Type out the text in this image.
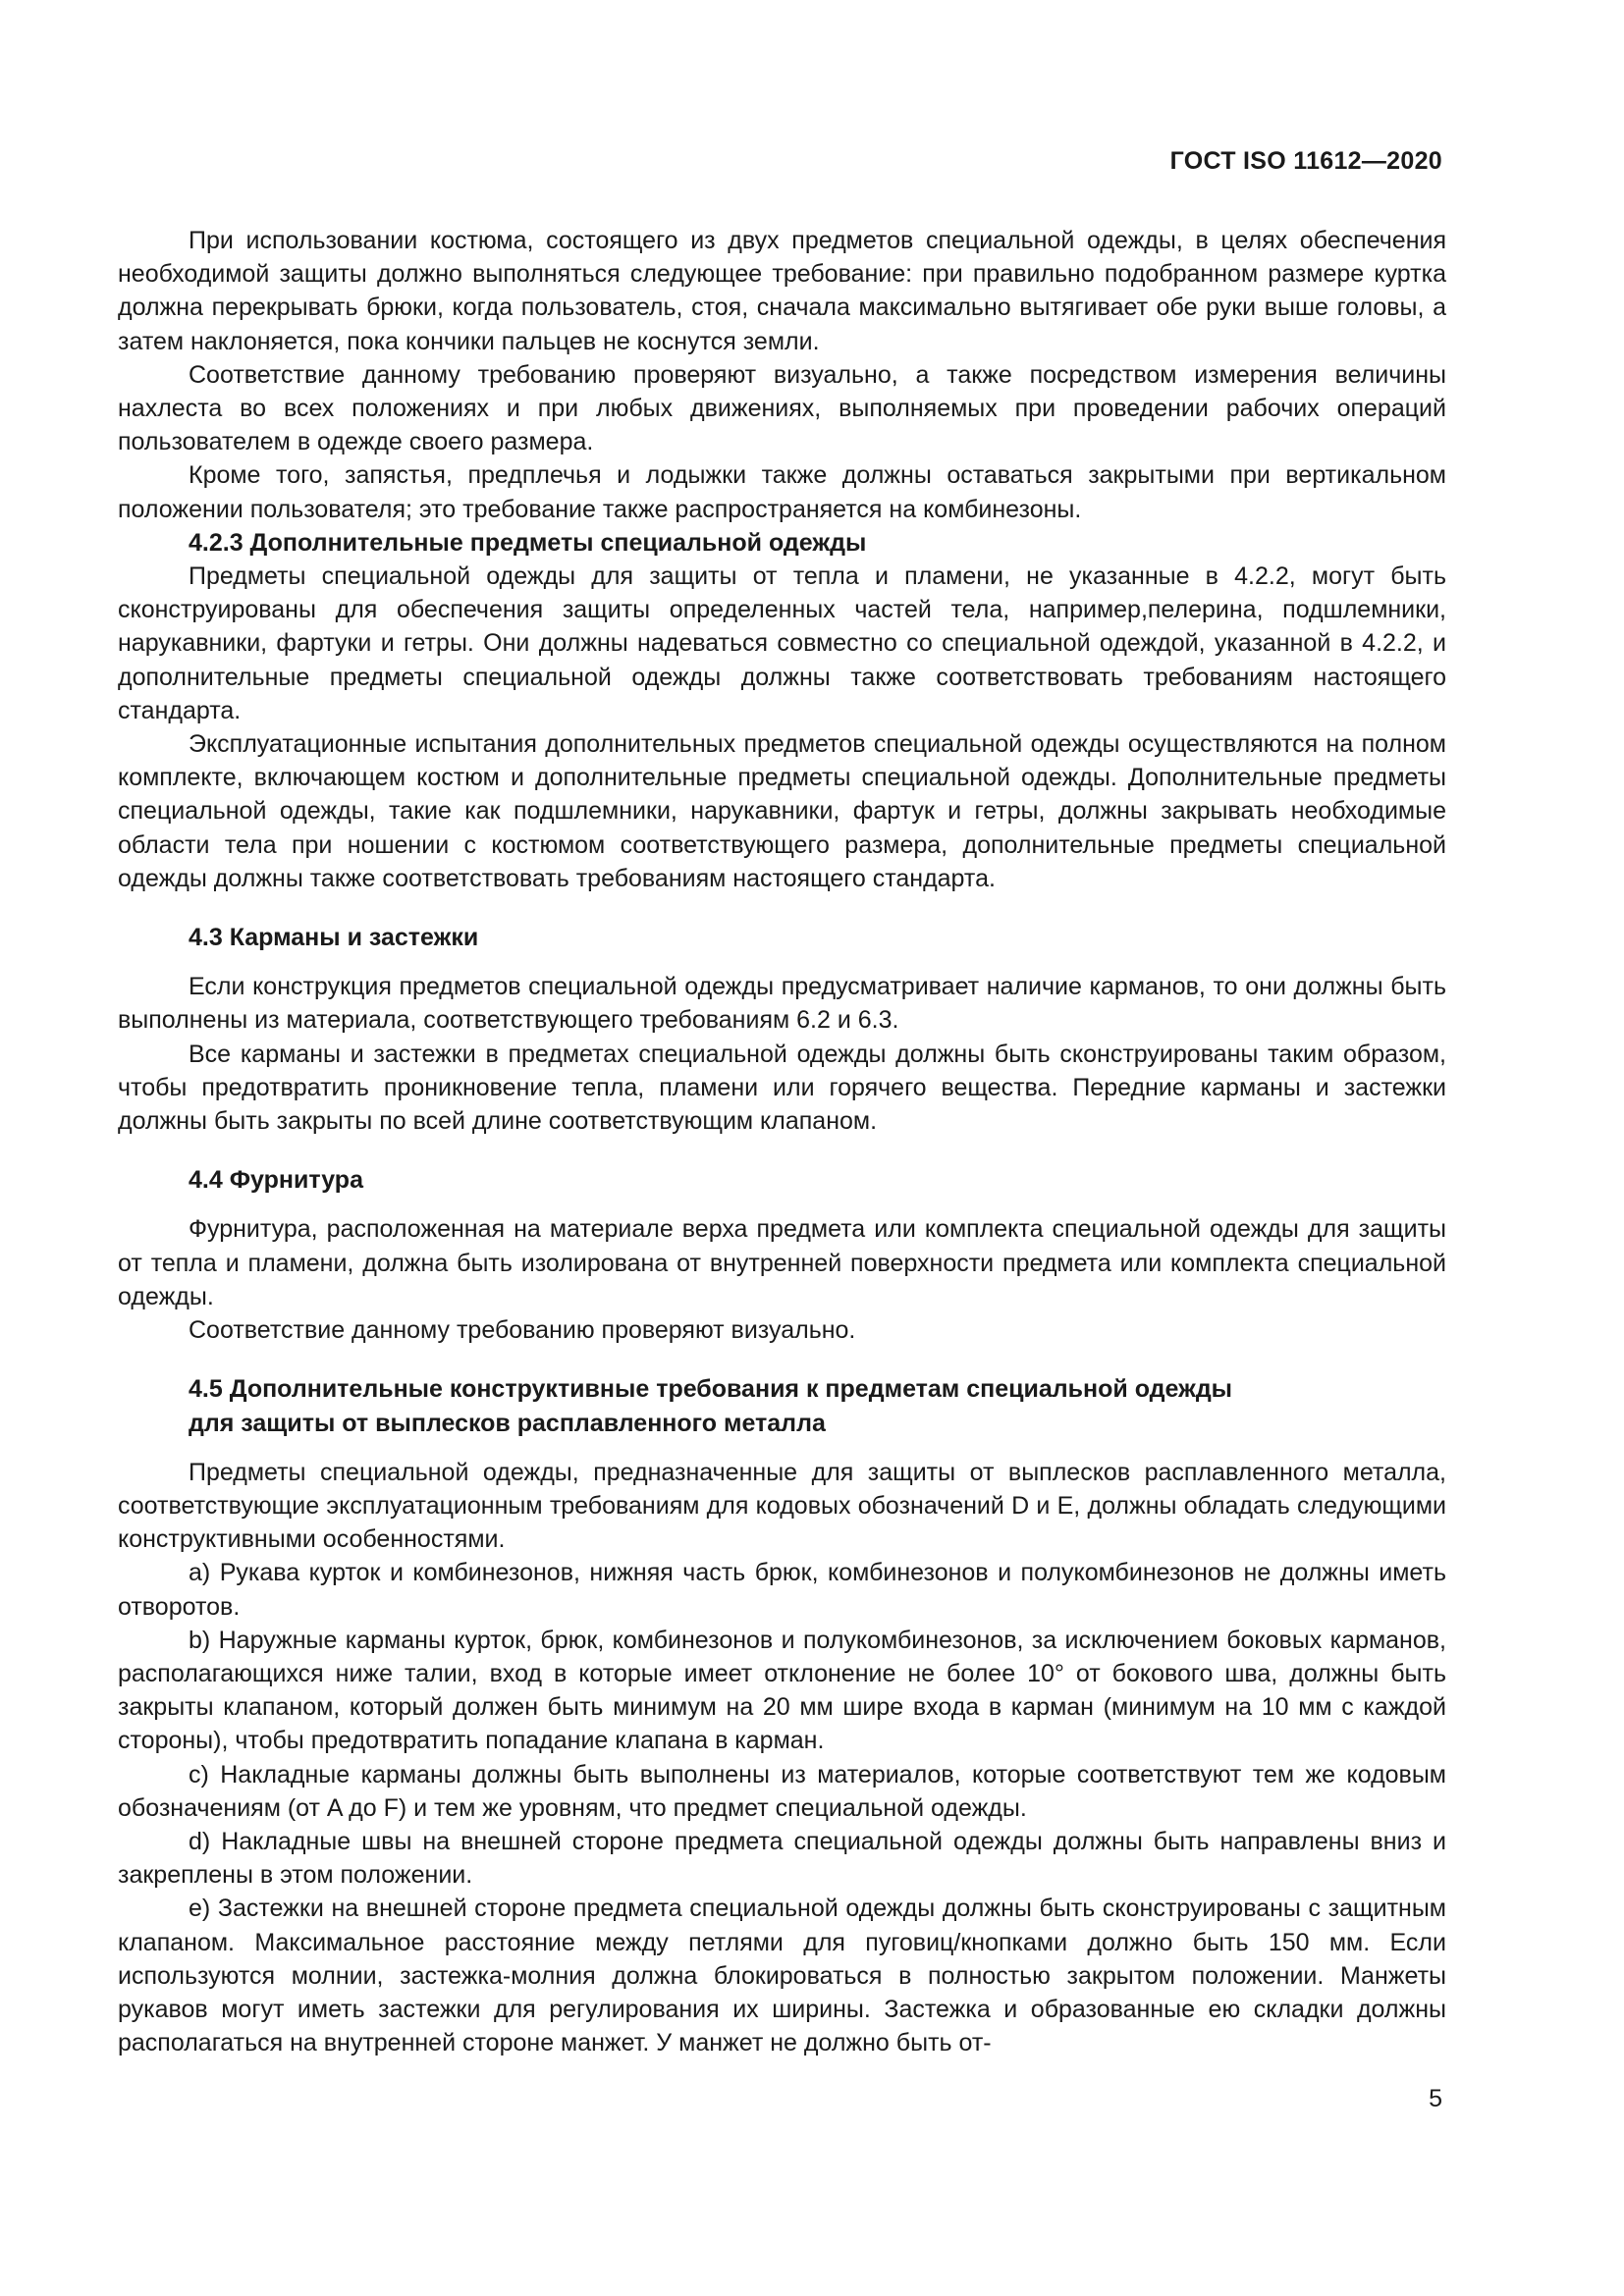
ГОСТ ISO 11612—2020

При использовании костюма, состоящего из двух предметов специальной одежды, в целях обеспечения необходимой защиты должно выполняться следующее требование: при правильно подобранном размере куртка должна перекрывать брюки, когда пользователь, стоя, сначала максимально вытягивает обе руки выше головы, а затем наклоняется, пока кончики пальцев не коснутся земли.

Соответствие данному требованию проверяют визуально, а также посредством измерения величины нахлеста во всех положениях и при любых движениях, выполняемых при проведении рабочих операций пользователем в одежде своего размера.

Кроме того, запястья, предплечья и лодыжки также должны оставаться закрытыми при вертикальном положении пользователя; это требование также распространяется на комбинезоны.

4.2.3 Дополнительные предметы специальной одежды

Предметы специальной одежды для защиты от тепла и пламени, не указанные в 4.2.2, могут быть сконструированы для обеспечения защиты определенных частей тела, например,пелерина, подшлемники, нарукавники, фартуки и гетры. Они должны надеваться совместно со специальной одеждой, указанной в 4.2.2, и дополнительные предметы специальной одежды должны также соответствовать требованиям настоящего стандарта.

Эксплуатационные испытания дополнительных предметов специальной одежды осуществляются на полном комплекте, включающем костюм и дополнительные предметы специальной одежды. Дополнительные предметы специальной одежды, такие как подшлемники, нарукавники, фартук и гетры, должны закрывать необходимые области тела при ношении с костюмом соответствующего размера, дополнительные предметы специальной одежды должны также соответствовать требованиям настоящего стандарта.

4.3 Карманы и застежки

Если конструкция предметов специальной одежды предусматривает наличие карманов, то они должны быть выполнены из материала, соответствующего требованиям 6.2 и 6.3.

Все карманы и застежки в предметах специальной одежды должны быть сконструированы таким образом, чтобы предотвратить проникновение тепла, пламени или горячего вещества. Передние карманы и застежки должны быть закрыты по всей длине соответствующим клапаном.

4.4 Фурнитура

Фурнитура, расположенная на материале верха предмета или комплекта специальной одежды для защиты от тепла и пламени, должна быть изолирована от внутренней поверхности предмета или комплекта специальной одежды.

Соответствие данному требованию проверяют визуально.

4.5 Дополнительные конструктивные требования к предметам специальной одежды
для защиты от выплесков расплавленного металла

Предметы специальной одежды, предназначенные для защиты от выплесков расплавленного металла, соответствующие эксплуатационным требованиям для кодовых обозначений D и E, должны обладать следующими конструктивными особенностями.

а) Рукава курток и комбинезонов, нижняя часть брюк, комбинезонов и полукомбинезонов не должны иметь отворотов.

b) Наружные карманы курток, брюк, комбинезонов и полукомбинезонов, за исключением боковых карманов, располагающихся ниже талии, вход в которые имеет отклонение не более 10° от бокового шва, должны быть закрыты клапаном, который должен быть минимум на 20 мм шире входа в карман (минимум на 10 мм с каждой стороны), чтобы предотвратить попадание клапана в карман.

c) Накладные карманы должны быть выполнены из материалов, которые соответствуют тем же кодовым обозначениям (от A до F) и тем же уровням, что предмет специальной одежды.

d) Накладные швы на внешней стороне предмета специальной одежды должны быть направлены вниз и закреплены в этом положении.

е) Застежки на внешней стороне предмета специальной одежды должны быть сконструированы с защитным клапаном. Максимальное расстояние между петлями для пуговиц/кнопками должно быть 150 мм. Если используются молнии, застежка-молния должна блокироваться в полностью закрытом положении. Манжеты рукавов могут иметь застежки для регулирования их ширины. Застежка и образованные ею складки должны располагаться на внутренней стороне манжет. У манжет не должно быть от-

5
